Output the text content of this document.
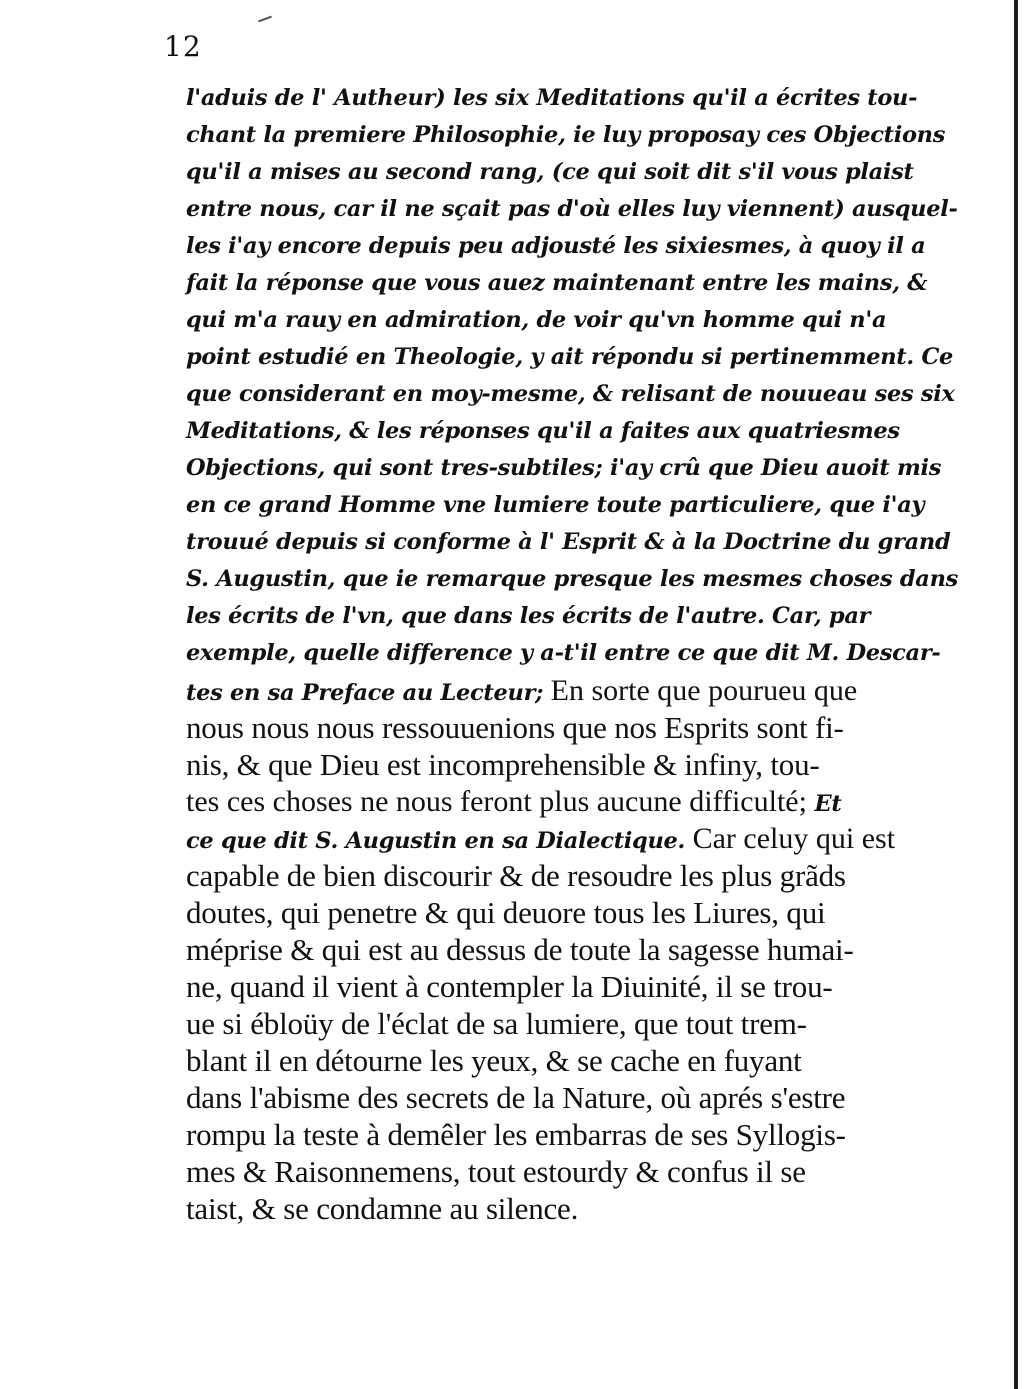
12
l'aduis de l' Autheur) les six Meditations qu'il a écrites tou-
chant la premiere Philosophie, ie luy proposay ces Objections
qu'il a mises au second rang, (ce qui soit dit s'il vous plaist
entre nous, car il ne sçait pas d'où elles luy viennent) ausquel-
les i'ay encore depuis peu adjousté les sixiesmes, à quoy il a
fait la réponse que vous auez maintenant entre les mains, &
qui m'a rauy en admiration, de voir qu'vn homme qui n'a
point estudié en Theologie, y ait répondu si pertinemment. Ce
que considerant en moy-mesme, & relisant de nouueau ses six
Meditations, & les réponses qu'il a faites aux quatriesmes
Objections, qui sont tres-subtiles; i'ay crû que Dieu auoit mis
en ce grand Homme vne lumiere toute particuliere, que i'ay
trouué depuis si conforme à l' Esprit & à la Doctrine du grand
S. Augustin, que ie remarque presque les mesmes choses dans
les écrits de l'vn, que dans les écrits de l'autre. Car, par
exemple, quelle difference y a-t'il entre ce que dit M. Descar-
tes en sa Preface au Lecteur; En sorte que pourueu que
nous nous nous ressouuenions que nos Esprits sont fi-
nis, & que Dieu est incomprehensible & infiny, tou-
tes ces choses ne nous feront plus aucune difficulté; Et
ce que dit S. Augustin en sa Dialectique. Car celuy qui est
capable de bien discourir & de resoudre les plus grãds
doutes, qui penetre & qui deuore tous les Liures, qui
méprise & qui est au dessus de toute la sagesse humai-
ne, quand il vient à contempler la Diuinité, il se trou-
ue si ébloüy de l'éclat de sa lumiere, que tout trem-
blant il en détourne les yeux, & se cache en fuyant
dans l'abisme des secrets de la Nature, où aprés s'estre
rompu la teste à demêler les embarras de ses Syllogis-
mes & Raisonnemens, tout estourdy & confus il se
taist, & se condamne au silence.
